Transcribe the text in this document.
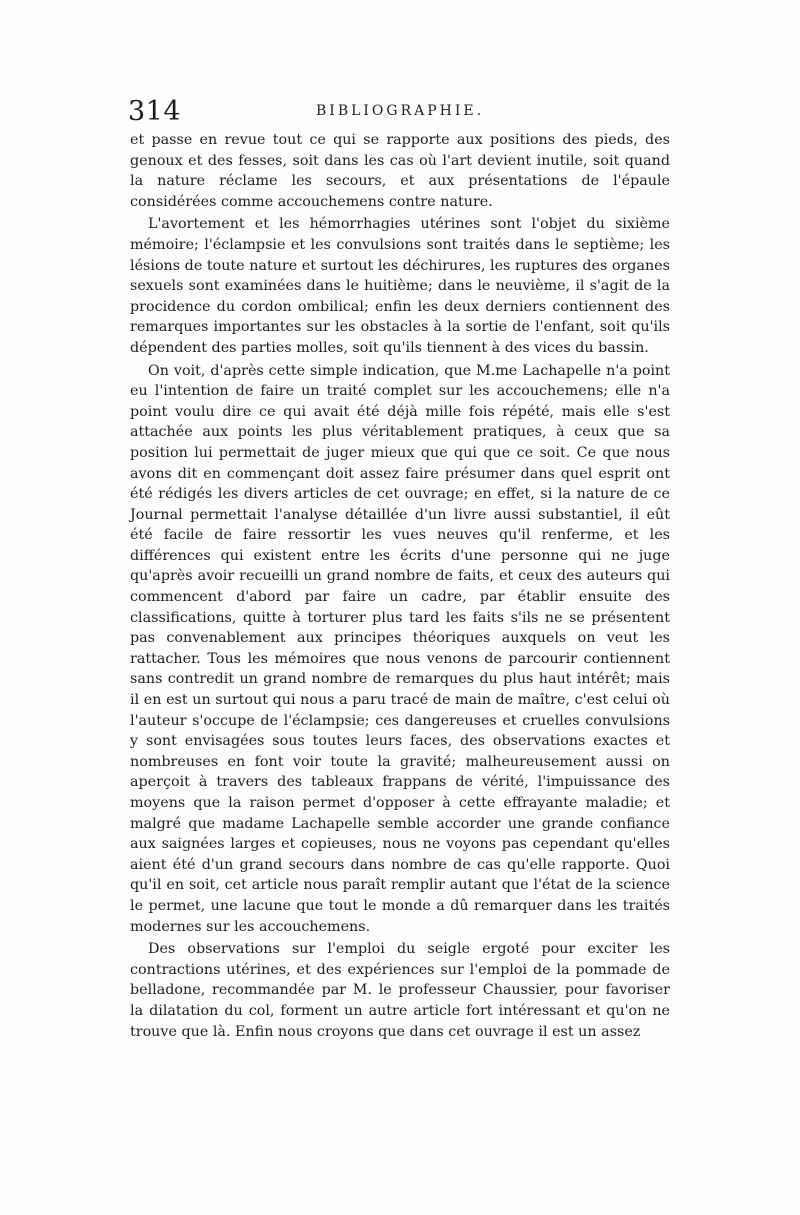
314	BIBLIOGRAPHIE.

et passe en revue tout ce qui se rapporte aux positions des pieds, des genoux et des fesses, soit dans les cas où l'art devient inutile, soit quand la nature réclame les secours, et aux présentations de l'épaule considérées comme accouchemens contre nature.

L'avortement et les hémorrhagies utérines sont l'objet du sixième mémoire; l'éclampsie et les convulsions sont traités dans le septième; les lésions de toute nature et surtout les déchirures, les ruptures des organes sexuels sont examinées dans le huitième; dans le neuvième, il s'agit de la procidence du cordon ombilical; enfin les deux derniers contiennent des remarques importantes sur les obstacles à la sortie de l'enfant, soit qu'ils dépendent des parties molles, soit qu'ils tiennent à des vices du bassin.

On voit, d'après cette simple indication, que M.me Lachapelle n'a point eu l'intention de faire un traité complet sur les accouchemens; elle n'a point voulu dire ce qui avait été déjà mille fois répété, mais elle s'est attachée aux points les plus véritablement pratiques, à ceux que sa position lui permettait de juger mieux que qui que ce soit. Ce que nous avons dit en commençant doit assez faire présumer dans quel esprit ont été rédigés les divers articles de cet ouvrage; en effet, si la nature de ce Journal permettait l'analyse détaillée d'un livre aussi substantiel, il eût été facile de faire ressortir les vues neuves qu'il renferme, et les différences qui existent entre les écrits d'une personne qui ne juge qu'après avoir recueilli un grand nombre de faits, et ceux des auteurs qui commencent d'abord par faire un cadre, par établir ensuite des classifications, quitte à torturer plus tard les faits s'ils ne se présentent pas convenablement aux principes théoriques auxquels on veut les rattacher. Tous les mémoires que nous venons de parcourir contiennent sans contredit un grand nombre de remarques du plus haut intérêt; mais il en est un surtout qui nous a paru tracé de main de maître, c'est celui où l'auteur s'occupe de l'éclampsie; ces dangereuses et cruelles convulsions y sont envisagées sous toutes leurs faces, des observations exactes et nombreuses en font voir toute la gravité; malheureusement aussi on aperçoit à travers des tableaux frappans de vérité, l'impuissance des moyens que la raison permet d'opposer à cette effrayante maladie; et malgré que madame Lachapelle semble accorder une grande confiance aux saignées larges et copieuses, nous ne voyons pas cependant qu'elles aient été d'un grand secours dans nombre de cas qu'elle rapporte. Quoi qu'il en soit, cet article nous paraît remplir autant que l'état de la science le permet, une lacune que tout le monde a dû remarquer dans les traités modernes sur les accouchemens.

Des observations sur l'emploi du seigle ergoté pour exciter les contractions utérines, et des expériences sur l'emploi de la pommade de belladone, recommandée par M. le professeur Chaussier, pour favoriser la dilatation du col, forment un autre article fort intéressant et qu'on ne trouve que là. Enfin nous croyons que dans cet ouvrage il est un assez
